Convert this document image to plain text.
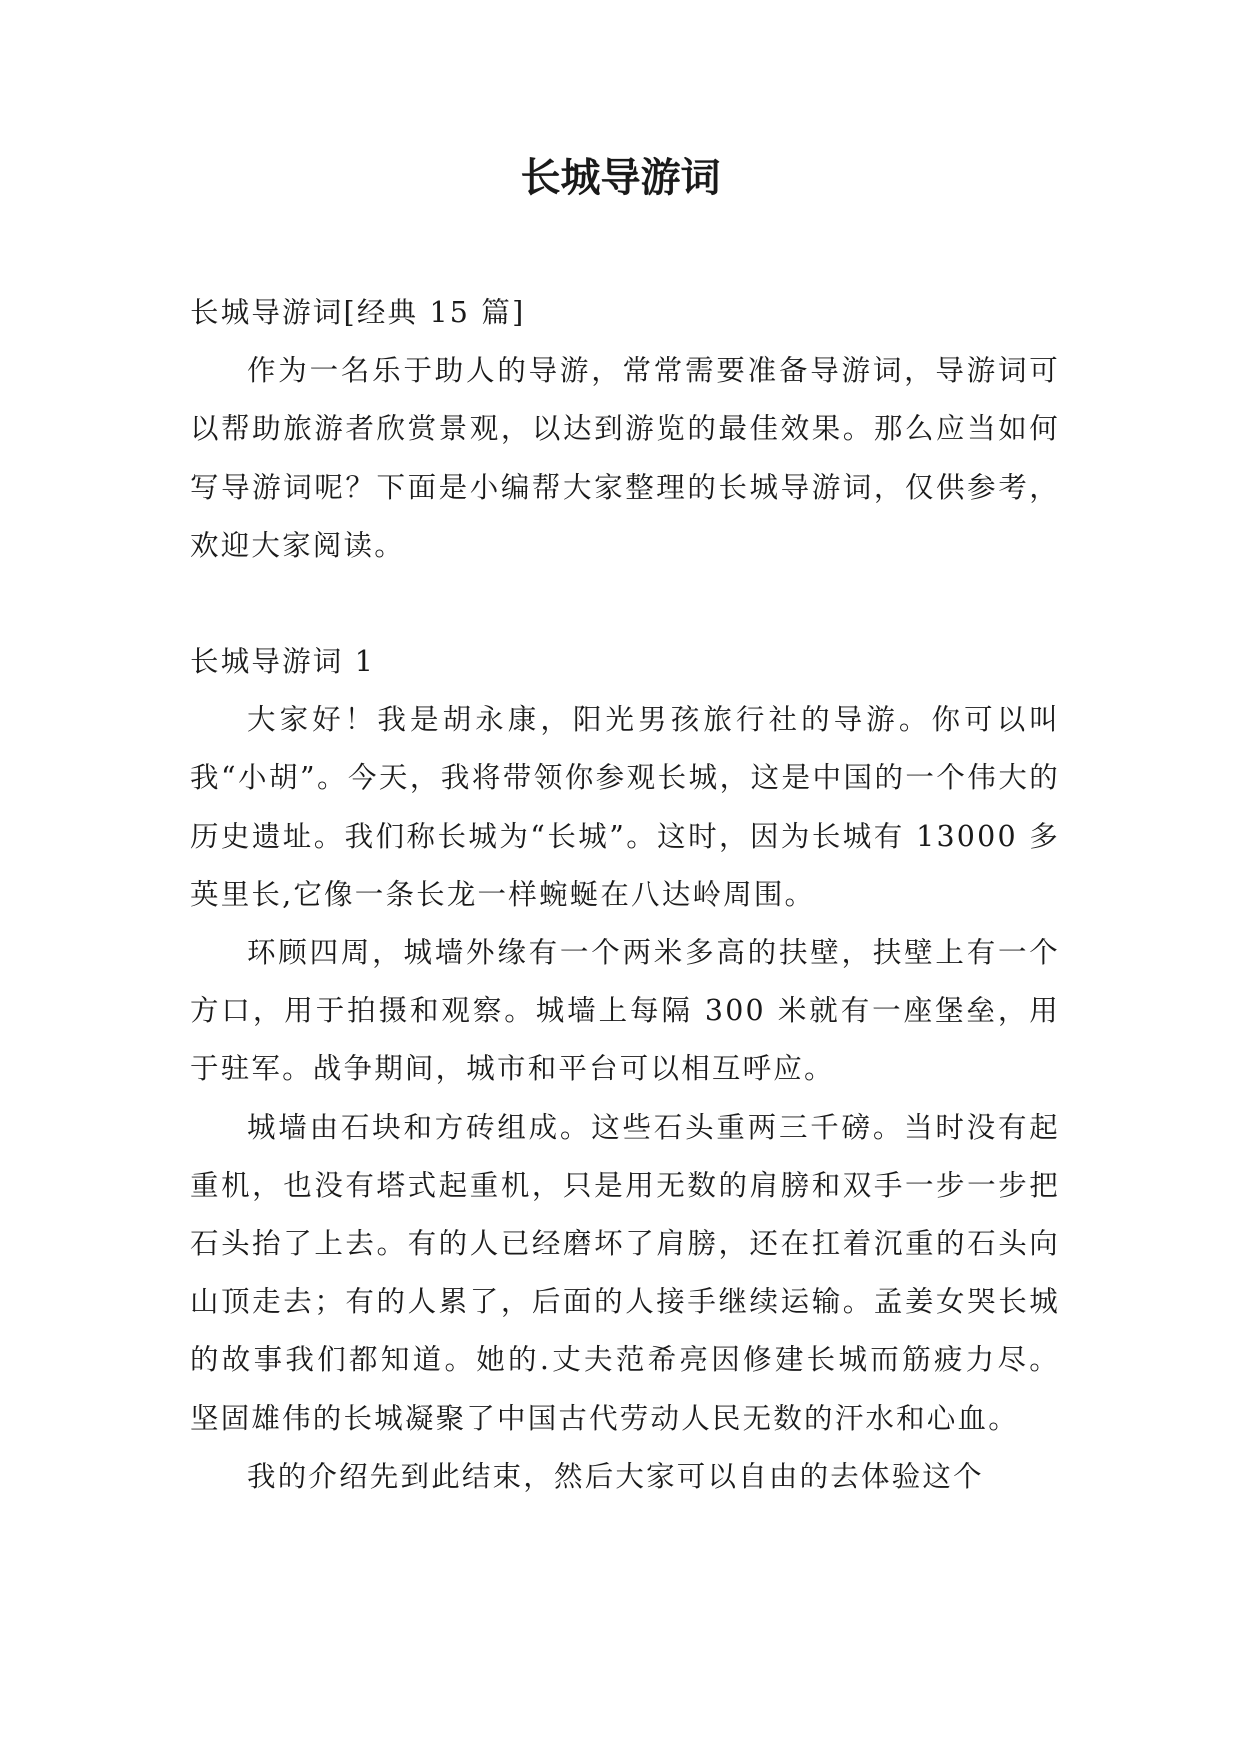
长城导游词

长城导游词[经典 15 篇]

作为一名乐于助人的导游，常常需要准备导游词，导游词可以帮助旅游者欣赏景观，以达到游览的最佳效果。那么应当如何写导游词呢？下面是小编帮大家整理的长城导游词，仅供参考，欢迎大家阅读。

长城导游词 1

大家好！我是胡永康，阳光男孩旅行社的导游。你可以叫我“小胡”。今天，我将带领你参观长城，这是中国的一个伟大的历史遗址。我们称长城为“长城”。这时，因为长城有 13000 多英里长,它像一条长龙一样蜿蜒在八达岭周围。

环顾四周，城墙外缘有一个两米多高的扶壁，扶壁上有一个方口，用于拍摄和观察。城墙上每隔 300 米就有一座堡垒，用于驻军。战争期间，城市和平台可以相互呼应。

城墙由石块和方砖组成。这些石头重两三千磅。当时没有起重机，也没有塔式起重机，只是用无数的肩膀和双手一步一步把石头抬了上去。有的人已经磨坏了肩膀，还在扛着沉重的石头向山顶走去；有的人累了，后面的人接手继续运输。孟姜女哭长城的故事我们都知道。她的.丈夫范希亮因修建长城而筋疲力尽。坚固雄伟的长城凝聚了中国古代劳动人民无数的汗水和心血。

我的介绍先到此结束，然后大家可以自由的去体验这个
